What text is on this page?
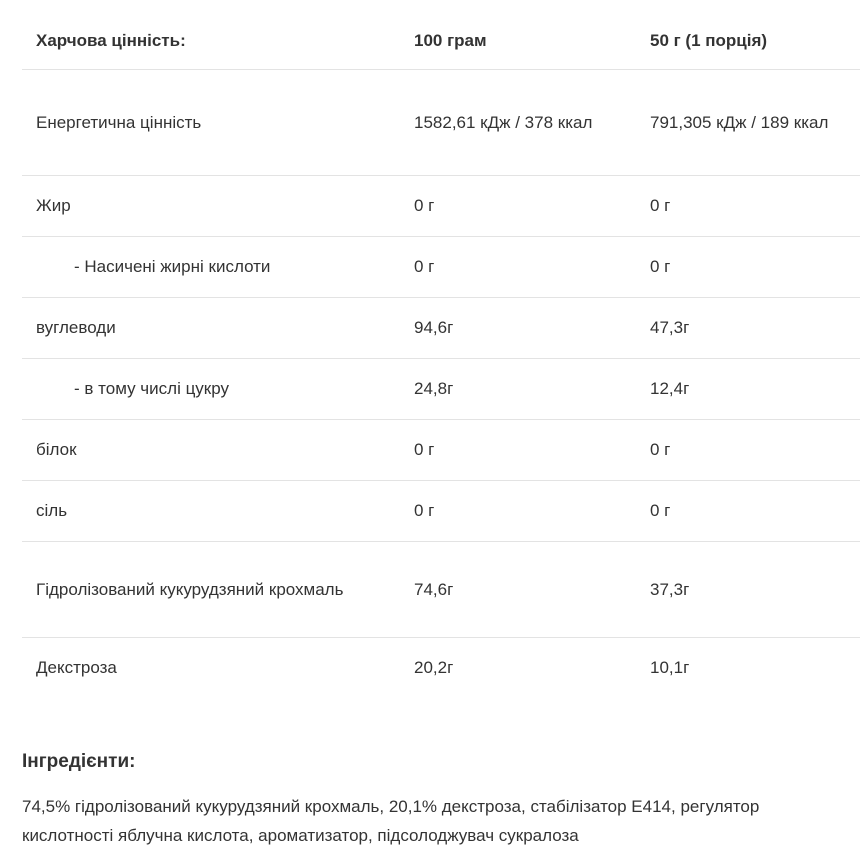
Харчова цінність:	100 грам	50 г (1 порція)
Енергетична цінність	1582,61 кДж / 378 ккал	791,305 кДж / 189 ккал
Жир	0 г	0 г
- Насичені жирні кислоти	0 г	0 г
вуглеводи	94,6г	47,3г
- в тому числі цукру	24,8г	12,4г
білок	0 г	0 г
сіль	0 г	0 г
Гідролізований кукурудзяний крохмаль	74,6г	37,3г
Декстроза	20,2г	10,1г
Інгредієнти:
74,5% гідролізований кукурудзяний крохмаль, 20,1% декстроза, стабілізатор E414, регулятор кислотності яблучна кислота, ароматизатор, підсолоджувач сукралоза
